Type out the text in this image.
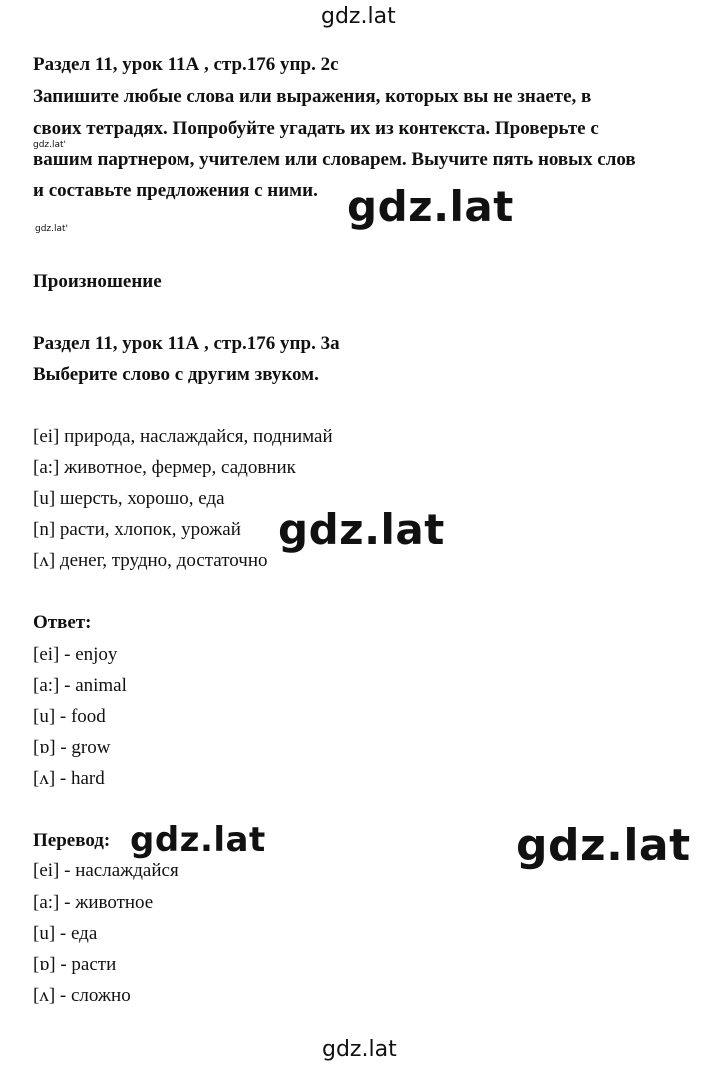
gdz.lat
gdz.lat
gdz.lat'
gdz.lat'
gdz.lat
gdz.lat	gdz.lat
gdz.lat
Раздел 11, урок 11А , стр.176 упр. 2с
Запишите любые слова или выражения, которых вы не знаете, в
своих тетрадях. Попробуйте угадать их из контекста. Проверьте с
вашим партнером, учителем или словарем. Выучите пять новых слов
и составьте предложения с ними.
Произношение
Раздел 11, урок 11А , стр.176 упр. 3а
Выберите слово с другим звуком.
[ei] природа, наслаждайся, поднимай
[a:] животное, фермер, садовник
[u] шерсть, хорошо, еда
[n] расти, хлопок, урожай
[ʌ] денег, трудно, достаточно
Ответ:
[ei] - enjoy
[a:] - animal
[u] - food
[ɒ] - grow
[ʌ] - hard
Перевод:
[ei] - наслаждайся
[a:] - животное
[u] - еда
[ɒ] - расти
[ʌ] - сложно
